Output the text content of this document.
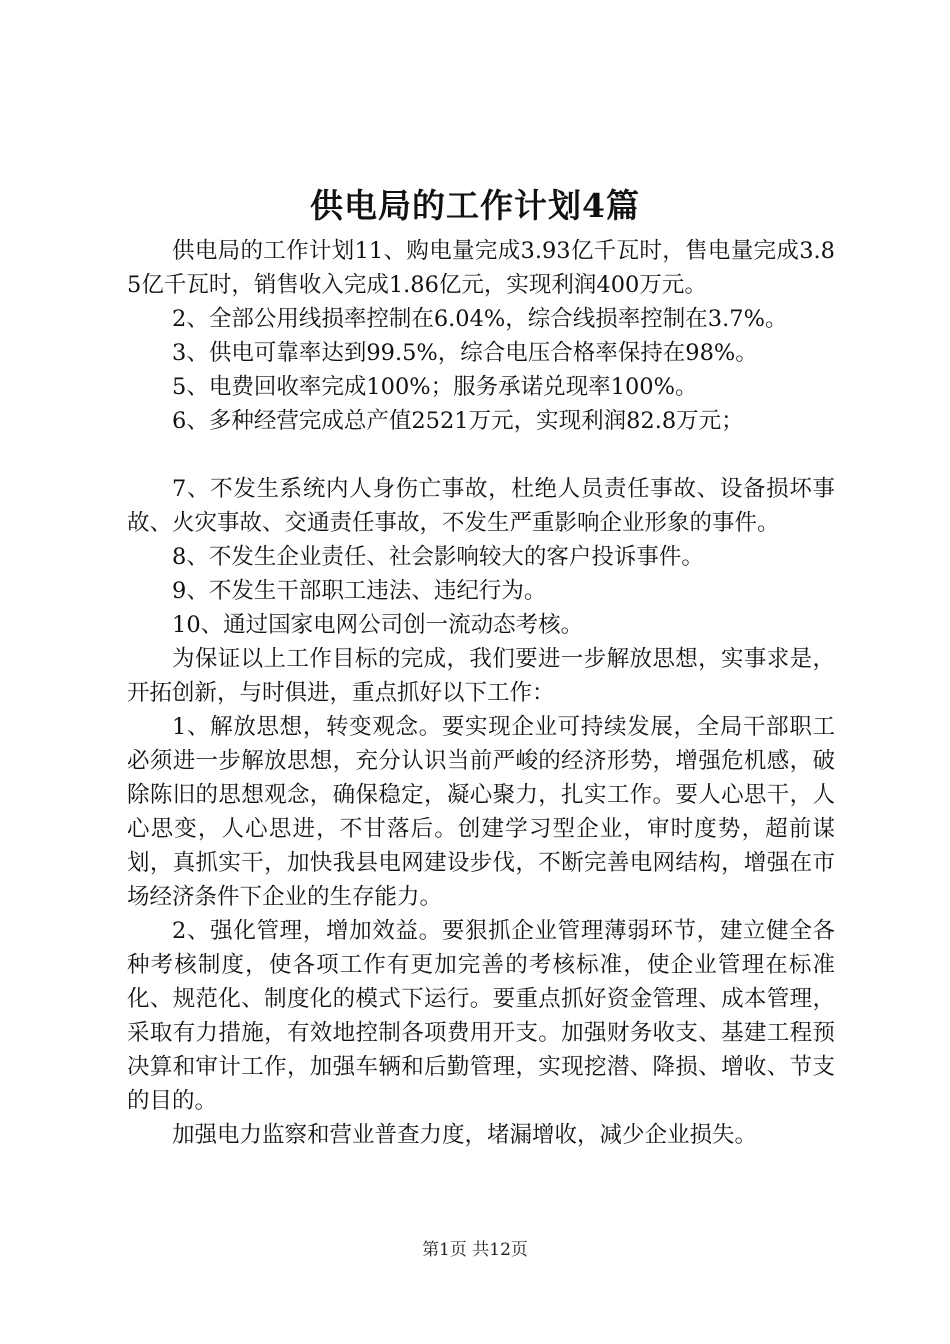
供电局的工作计划4篇

供电局的工作计划11、购电量完成3.93亿千瓦时，售电量完成3.85亿千瓦时，销售收入完成1.86亿元，实现利润400万元。

2、全部公用线损率控制在6.04%，综合线损率控制在3.7%。

3、供电可靠率达到99.5%，综合电压合格率保持在98%。

5、电费回收率完成100%；服务承诺兑现率100%。

6、多种经营完成总产值2521万元，实现利润82.8万元；

7、不发生系统内人身伤亡事故，杜绝人员责任事故、设备损坏事故、火灾事故、交通责任事故，不发生严重影响企业形象的事件。

8、不发生企业责任、社会影响较大的客户投诉事件。

9、不发生干部职工违法、违纪行为。

10、通过国家电网公司创一流动态考核。

为保证以上工作目标的完成，我们要进一步解放思想，实事求是，开拓创新，与时俱进，重点抓好以下工作：

1、解放思想，转变观念。要实现企业可持续发展，全局干部职工必须进一步解放思想，充分认识当前严峻的经济形势，增强危机感，破除陈旧的思想观念，确保稳定，凝心聚力，扎实工作。要人心思干，人心思变，人心思进，不甘落后。创建学习型企业，审时度势，超前谋划，真抓实干，加快我县电网建设步伐，不断完善电网结构，增强在市场经济条件下企业的生存能力。

2、强化管理，增加效益。要狠抓企业管理薄弱环节，建立健全各种考核制度，使各项工作有更加完善的考核标准，使企业管理在标准化、规范化、制度化的模式下运行。要重点抓好资金管理、成本管理，采取有力措施，有效地控制各项费用开支。加强财务收支、基建工程预决算和审计工作，加强车辆和后勤管理，实现挖潜、降损、增收、节支的目的。

加强电力监察和营业普查力度，堵漏增收，减少企业损失。

第1页 共12页
